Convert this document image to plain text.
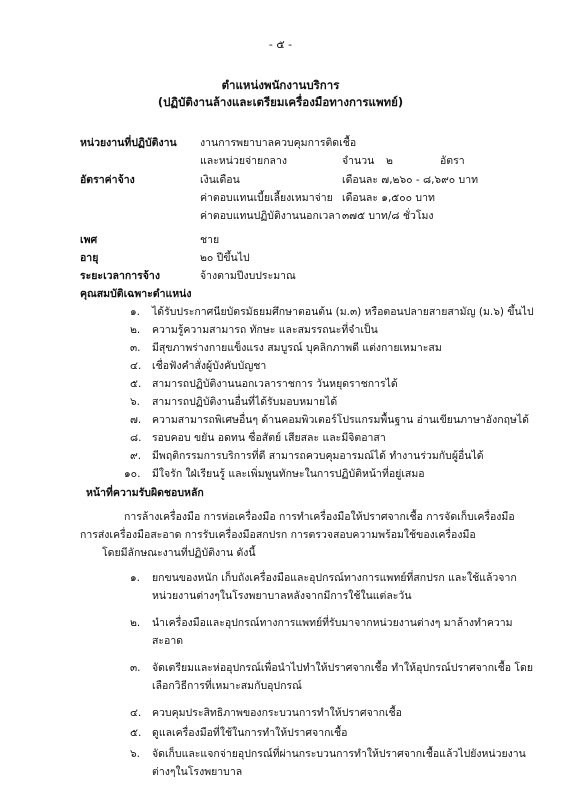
- ๕ -
ตำแหน่งพนักงานบริการ
(ปฏิบัติงานล้างและเตรียมเครื่องมือทางการแพทย์)
หน่วยงานที่ปฏิบัติงาน งานการพยาบาลควบคุมการติดเชื้อ
และหน่วยจ่ายกลาง	จำนวน ๒	อัตรา
อัตราค่าจ้าง	เงินเดือน	เดือนละ ๗,๒๖๐ - ๘,๖๙๐ บาท
ค่าตอบแทนเบี้ยเลี้ยงเหมาจ่าย เดือนละ ๑,๕๐๐ บาท
ค่าตอบแทนปฏิบัติงานนอกเวลา ๓๗๕ บาท/๘ ชั่วโมง
เพศ	ชาย
อายุ	๒๐ ปีขึ้นไป
ระยะเวลาการจ้าง	จ้างตามปีงบประมาณ
คุณสมบัติเฉพาะตำแหน่ง
๑. ได้รับประกาศนียบัตรมัธยมศึกษาตอนต้น (ม.๓) หรือตอนปลายสายสามัญ (ม.๖) ขึ้นไป
๒. ความรู้ความสามารถ ทักษะ และสมรรถนะที่จำเป็น
๓. มีสุขภาพร่างกายแข็งแรง สมบูรณ์ บุคลิกภาพดี แต่งกายเหมาะสม
๔. เชื่อฟังคำสั่งผู้บังคับบัญชา
๕. สามารถปฏิบัติงานนอกเวลาราชการ วันหยุดราชการได้
๖. สามารถปฏิบัติงานอื่นที่ได้รับมอบหมายได้
๗. ความสามารถพิเศษอื่นๆ ด้านคอมพิวเตอร์โปรแกรมพื้นฐาน อ่านเขียนภาษาอังกฤษได้
๘. รอบคอบ ขยัน อดทน ซื่อสัตย์ เสียสละ และมีจิตอาสา
๙. มีพฤติกรรมการบริการที่ดี สามารถควบคุมอารมณ์ได้ ทำงานร่วมกับผู้อื่นได้
๑๐. มีใจรัก ใฝ่เรียนรู้ และเพิ่มพูนทักษะในการปฏิบัติหน้าที่อยู่เสมอ
หน้าที่ความรับผิดชอบหลัก
การล้างเครื่องมือ การห่อเครื่องมือ การทำเครื่องมือให้ปราศจากเชื้อ การจัดเก็บเครื่องมือ
การส่งเครื่องมือสะอาด การรับเครื่องมือสกปรก การตรวจสอบความพร้อมใช้ของเครื่องมือ
โดยมีลักษณะงานที่ปฏิบัติงาน ดังนี้
๑. ยกขนของหนัก เก็บถังเครื่องมือและอุปกรณ์ทางการแพทย์ที่สกปรก และใช้แล้วจาก
หน่วยงานต่างๆในโรงพยาบาลหลังจากมีการใช้ในแต่ละวัน
๒. นำเครื่องมือและอุปกรณ์ทางการแพทย์ที่รับมาจากหน่วยงานต่างๆ มาล้างทำความ
สะอาด
๓. จัดเตรียมและห่ออุปกรณ์เพื่อนำไปทำให้ปราศจากเชื้อ ทำให้อุปกรณ์ปราศจากเชื้อ โดย
เลือกวิธีการที่เหมาะสมกับอุปกรณ์
๔. ควบคุมประสิทธิภาพของกระบวนการทำให้ปราศจากเชื้อ
๕. ดูแลเครื่องมือที่ใช้ในการทำให้ปราศจากเชื้อ
๖. จัดเก็บและแจกจ่ายอุปกรณ์ที่ผ่านกระบวนการทำให้ปราศจากเชื้อแล้วไปยังหน่วยงาน
ต่างๆในโรงพยาบาล
